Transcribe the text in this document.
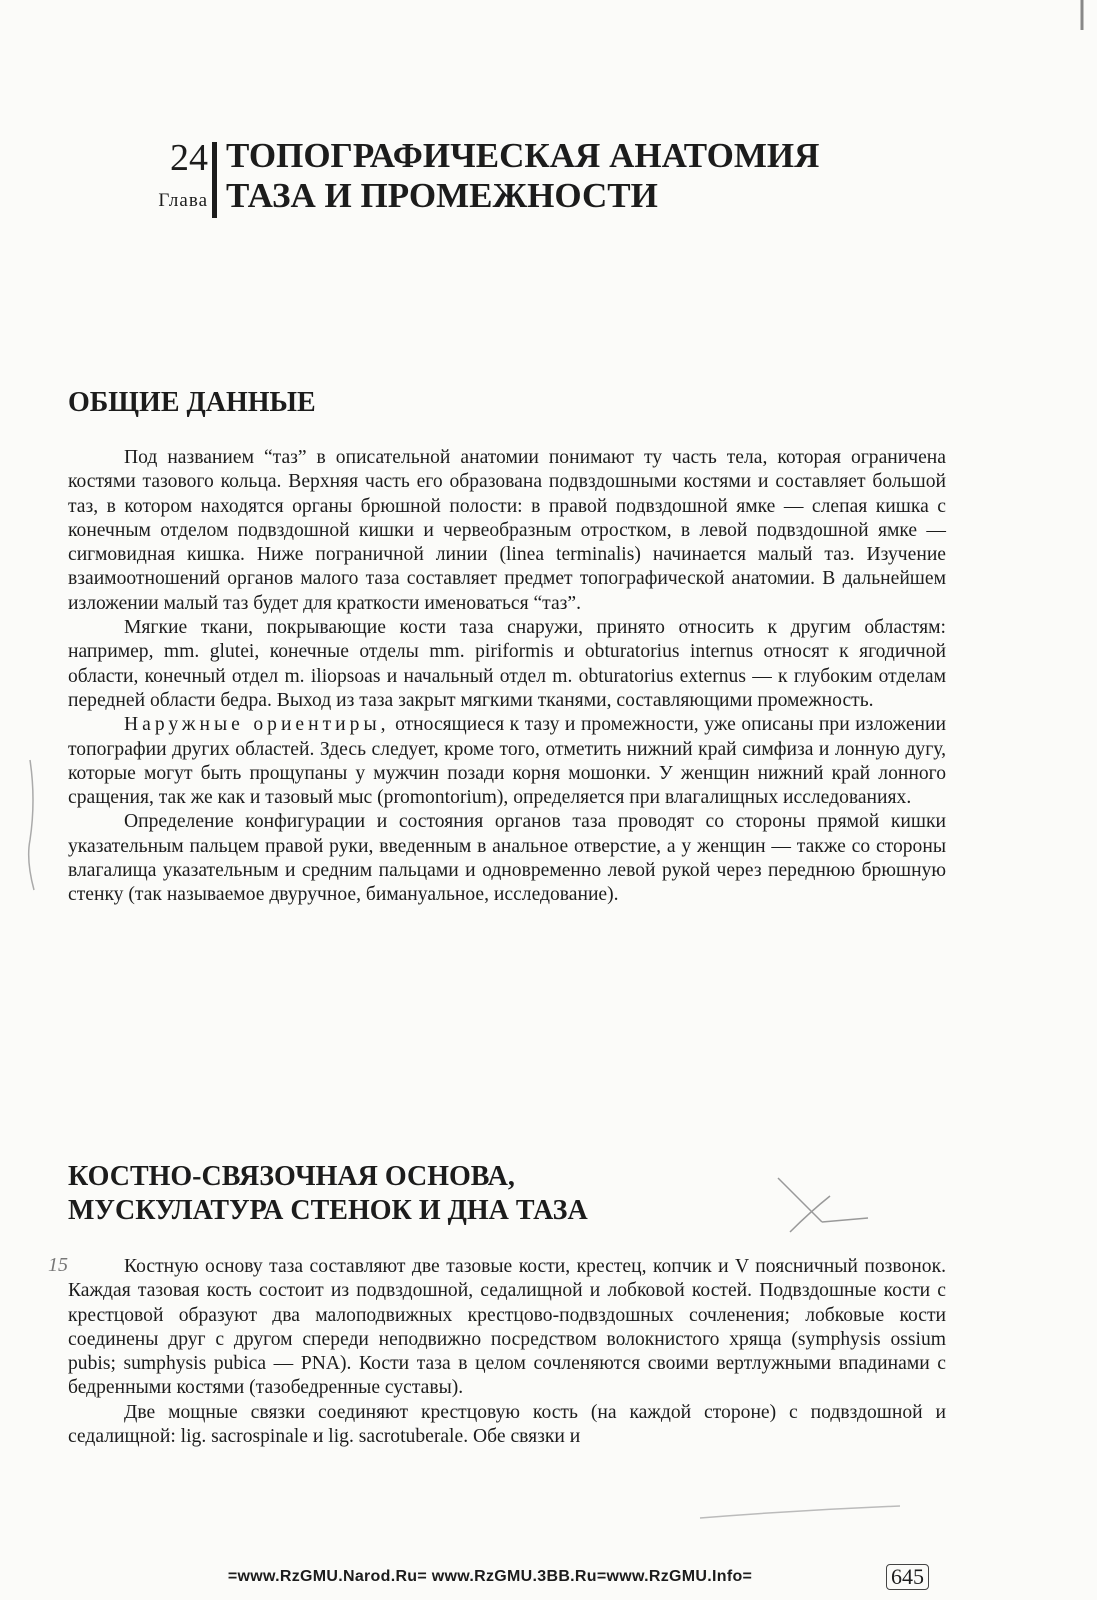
24
Глава
ТОПОГРАФИЧЕСКАЯ АНАТОМИЯ
ТАЗА И ПРОМЕЖНОСТИ
ОБЩИЕ ДАННЫЕ

Под названием “таз” в описательной анатомии понимают ту часть тела, которая ограничена костями тазового кольца. Верхняя часть его образована подвздошными костями и составляет большой таз, в котором находятся органы брюшной полости: в правой подвздошной ямке — слепая кишка с конечным отделом подвздошной кишки и червеобразным отростком, в левой подвздошной ямке — сигмовидная кишка. Ниже пограничной линии (linea terminalis) начинается малый таз. Изучение взаимоотношений органов малого таза составляет предмет топографической анатомии. В дальнейшем изложении малый таз будет для краткости именоваться “таз”.

Мягкие ткани, покрывающие кости таза снаружи, принято относить к другим областям: например, mm. glutei, конечные отделы mm. piriformis и obturatorius internus относят к ягодичной области, конечный отдел m. iliopsoas и начальный отдел m. obturatorius externus — к глубоким отделам передней области бедра. Выход из таза закрыт мягкими тканями, составляющими промежность.

Наружные ориентиры, относящиеся к тазу и промежности, уже описаны при изложении топографии других областей. Здесь следует, кроме того, отметить нижний край симфиза и лонную дугу, которые могут быть прощупаны у мужчин позади корня мошонки. У женщин нижний край лонного сращения, так же как и тазовый мыс (promontorium), определяется при влагалищных исследованиях.

Определение конфигурации и состояния органов таза проводят со стороны прямой кишки указательным пальцем правой руки, введенным в анальное отверстие, а у женщин — также со стороны влагалища указательным и средним пальцами и одновременно левой рукой через переднюю брюшную стенку (так называемое двуручное, бимануальное, исследование).

КОСТНО-СВЯЗОЧНАЯ ОСНОВА,
МУСКУЛАТУРА СТЕНОК И ДНА ТАЗА
15	Костную основу таза составляют две тазовые кости, крестец, копчик и V поясничный позвонок. Каждая тазовая кость состоит из подвздошной, седалищной и лобковой костей. Подвздошные кости с крестцовой образуют два малоподвижных крестцово-подвздошных сочленения; лобковые кости соединены друг с другом спереди неподвижно посредством волокнистого хряща (symphysis ossium pubis; sumphysis pubica — PNA). Кости таза в целом сочленяются своими вертлужными впадинами с бедренными костями (тазобедренные суставы).

Две мощные связки соединяют крестцовую кость (на каждой стороне) с подвздошной и седалищной: lig. sacrospinale и lig. sacrotuberale. Обе связки и

=www.RzGMU.Narod.Ru= www.RzGMU.3BB.Ru=www.RzGMU.Info=	645
